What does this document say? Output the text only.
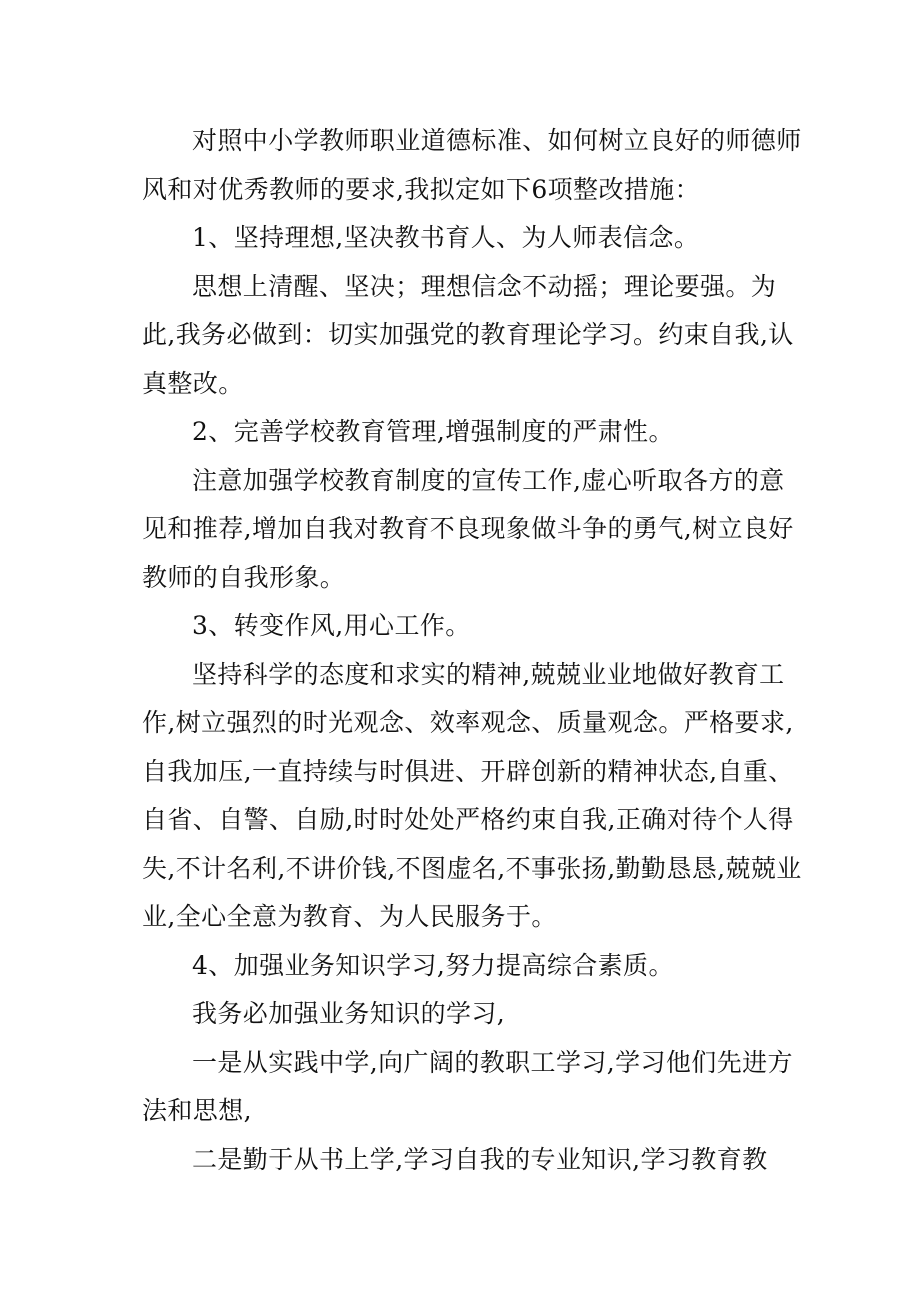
对照中小学教师职业道德标准、如何树立良好的师德师风和对优秀教师的要求,我拟定如下6项整改措施：

1、坚持理想,坚决教书育人、为人师表信念。

思想上清醒、坚决；理想信念不动摇；理论要强。为此,我务必做到：切实加强党的教育理论学习。约束自我,认真整改。

2、完善学校教育管理,增强制度的严肃性。

注意加强学校教育制度的宣传工作,虚心听取各方的意见和推荐,增加自我对教育不良现象做斗争的勇气,树立良好教师的自我形象。

3、转变作风,用心工作。

坚持科学的态度和求实的精神,兢兢业业地做好教育工作,树立强烈的时光观念、效率观念、质量观念。严格要求,自我加压,一直持续与时俱进、开辟创新的精神状态,自重、自省、自警、自励,时时处处严格约束自我,正确对待个人得失,不计名利,不讲价钱,不图虚名,不事张扬,勤勤恳恳,兢兢业业,全心全意为教育、为人民服务于。

4、加强业务知识学习,努力提高综合素质。

我务必加强业务知识的学习,

一是从实践中学,向广阔的教职工学习,学习他们先进方法和思想,

二是勤于从书上学,学习自我的专业知识,学习教育教
